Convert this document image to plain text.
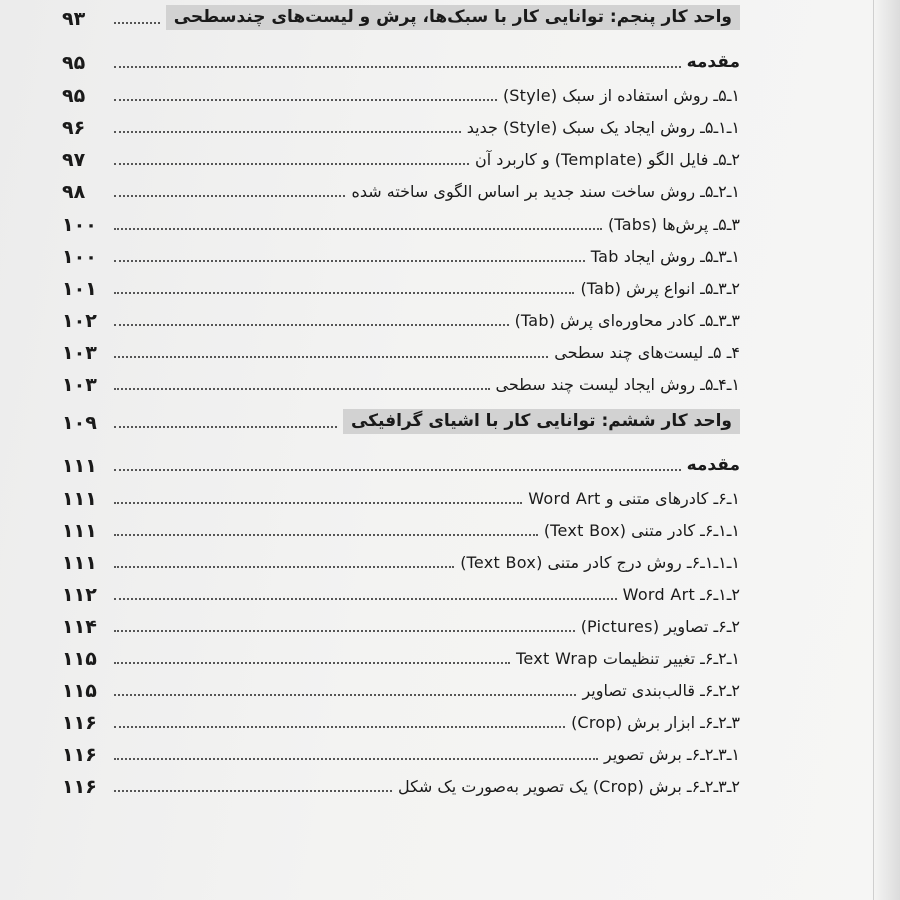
واحد کار پنجم: توانایی کار با سبک‌ها، پرش و لیست‌های چندسطحی
۹۳
مقدمه
۹۵
۱ـ۵ـ روش استفاده از سبک (Style)
۹۵
۱ـ۱ـ۵ـ روش ایجاد یک سبک (Style) جدید
۹۶
۲ـ۵ـ فایل الگو (Template) و کاربرد آن
۹۷
۱ـ۲ـ۵ـ روش ساخت سند جدید بر اساس الگوی ساخته شده
۹۸
۳ـ۵ـ پرش‌ها (Tabs)
۱۰۰
۱ـ۳ـ۵ـ روش ایجاد Tab
۱۰۰
۲ـ۳ـ۵ـ انواع پرش (Tab)
۱۰۱
۳ـ۳ـ۵ـ کادر محاوره‌ای پرش (Tab)
۱۰۲
۴ـ ۵ـ لیست‌های چند سطحی
۱۰۳
۱ـ۴ـ۵ـ روش ایجاد لیست چند سطحی
۱۰۳
واحد کار ششم: توانایی کار با اشیای گرافیکی
۱۰۹
مقدمه
۱۱۱
۱ـ۶ـ کادرهای متنی و Word Art
۱۱۱
۱ـ۱ـ۶ـ کادر متنی (Text Box)
۱۱۱
۱ـ۱ـ۱ـ۶ـ روش درج کادر متنی (Text Box)
۱۱۱
۲ـ۱ـ۶ـ Word Art
۱۱۲
۲ـ۶ـ تصاویر (Pictures)
۱۱۴
۱ـ۲ـ۶ـ تغییر تنظیمات Text Wrap
۱۱۵
۲ـ۲ـ۶ـ قالب‌بندی تصاویر
۱۱۵
۳ـ۲ـ۶ـ ابزار برش (Crop)
۱۱۶
۱ـ۳ـ۲ـ۶ـ برش تصویر
۱۱۶
۲ـ۳ـ۲ـ۶ـ برش (Crop) یک تصویر به‌صورت یک شکل
۱۱۶
